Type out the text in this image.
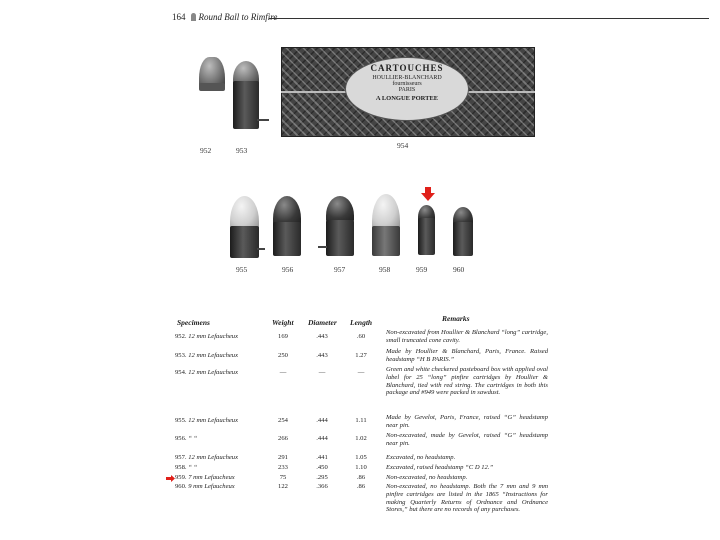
164 Round Ball to Rimfire
952	953
CARTOUCHES
HOULLIER-BLANCHARD
fournisseurs
PARIS
A LONGUE PORTEE
954
955	956	957	958	959	960
Specimens	Weight Diameter Length	Remarks
952. 12 mm Lefaucheux	169	.443	.60
Non-excavated from Houllier & Blanchard “long” cartridge, small truncated cone cavity.
953. 12 mm Lefaucheux	250	.443	1.27
Made by Houllier & Blanchard, Paris, France. Raised headstamp “H B PARIS.”
954. 12 mm Lefaucheux	—	—	—	Green and white checkered pasteboard box with applied oval label for 25 “long” pinfire cartridges by Houllier & Blanchard, tied with red string. The cartridges in both this package and #949 were packed in sawdust.
955. 12 mm Lefaucheux	254	.444	1.11	Made by Gevelot, Paris, France, raised “G” headstamp near pin.
956. “ “	266	.444	1.02	Non-excavated, made by Gevelot, raised “G” headstamp near pin.
957. 12 mm Lefaucheux	291	.441	1.05	Excavated, no headstamp.
958. “ “	233	.450	1.10	Excavated, raised headstamp “C D 12.”
959. 7 mm Lefaucheux	75	.295	.86	Non-excavated, no headstamp.
960. 9 mm Lefaucheux	122	.366	.86	Non-excavated, no headstamp. Both the 7 mm and 9 mm pinfire cartridges are listed in the 1865 “Instructions for making Quarterly Returns of Ordnance and Ordnance Stores,” but there are no records of any purchases.
